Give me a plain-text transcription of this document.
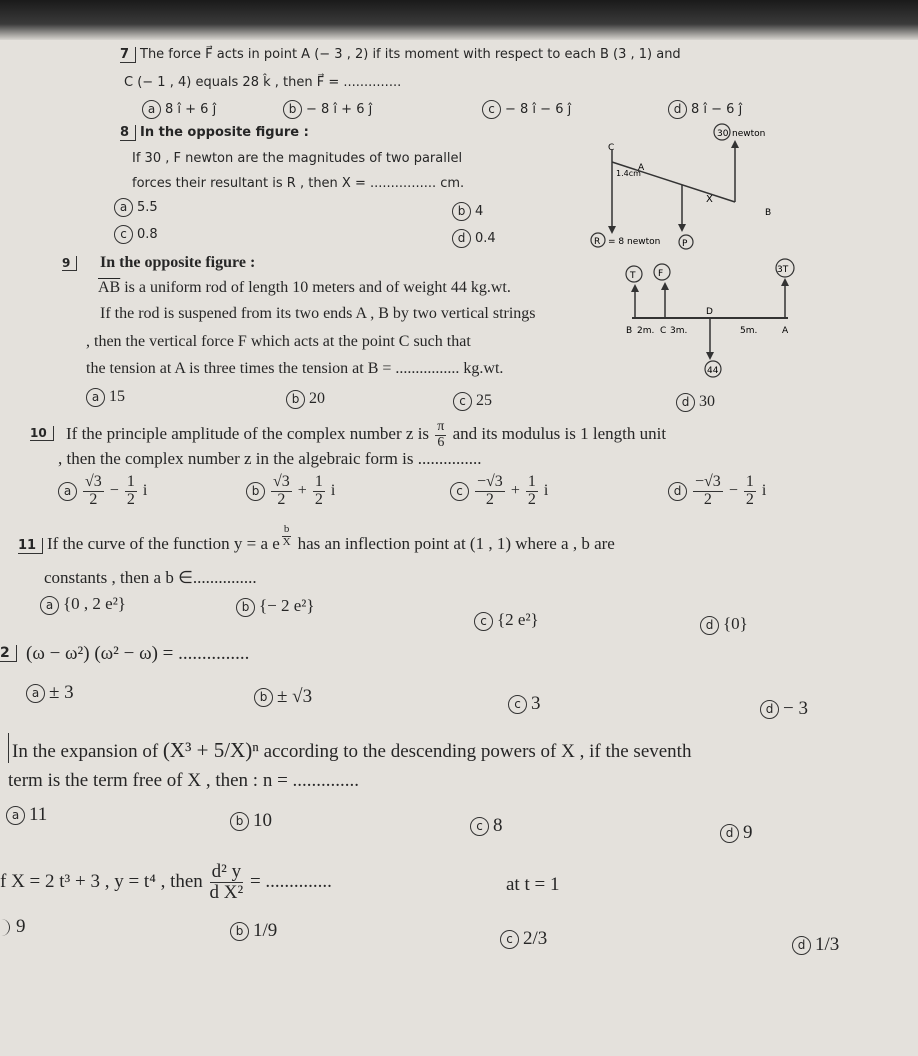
7 The force F⃗ acts in point A (− 3 , 2) if its moment with respect to each B (3 , 1) and
C (− 1 , 4) equals 28 k̂ , then F⃗ = ..............
a 8 î + 6 ĵ	b − 8 î + 6 ĵ	c − 8 î − 6 ĵ	d 8 î − 6 ĵ
8 In the opposite figure :
If 30 , F newton are the magnitudes of two parallel
forces their resultant is R , then X = ................ cm.
a 5.5	b 4
c 0.8	d 0.4
30 newton
C
A
B
1.4cm
X
R = 8 newton P
9	In the opposite figure :
$\overline{AB}$ is a uniform rod of length 10 meters and of weight 44 kg.wt.
If the rod is suspened from its two ends A , B by two vertical strings
, then the vertical force F which acts at the point C such that
the tension at A is three times the tension at B = ................ kg.wt.
a 15	b 20	c 25	d 30
T	F	3T
B 2m. C 3m.
D
5m.	A
44
10	If the principle amplitude of the complex number z is $\frac{\pi}{6}$ and its modulus is 1 length unit
, then the complex number z in the algebraic form is ...............
a $\frac{√3}{2} - \frac{1}{2}$ i	b $\frac{√3}{2} + \frac{1}{2}$ i	c $\frac{-√3}{2} + \frac{1}{2}$ i	d $\frac{-√3}{2} - \frac{1}{2}$ i
11 If the curve of the function y = a e $\frac{b}{X}$ has an inflection point at (1 , 1) where a , b are
constants , then a b ∈...............
a {0 , 2 e²}	b {− 2 e²}
c {2 e²}	d {0}
2 (ω − ω²) (ω² − ω) = ...............
a ± 3	b ± √3	c 3	d − 3
In the expansion of (X³ + 5/X)ⁿ according to the descending powers of X , if the seventh
term is the term free of X , then : n = ..............
a 11	b 10	c 8	d 9
f X = 2 t³ + 3 , y = t⁴ , then $\frac{\text{d² y}}{\text{d X²}}$ = ..............	at t = 1
9	b 1/9	c 2/3	d 1/3
